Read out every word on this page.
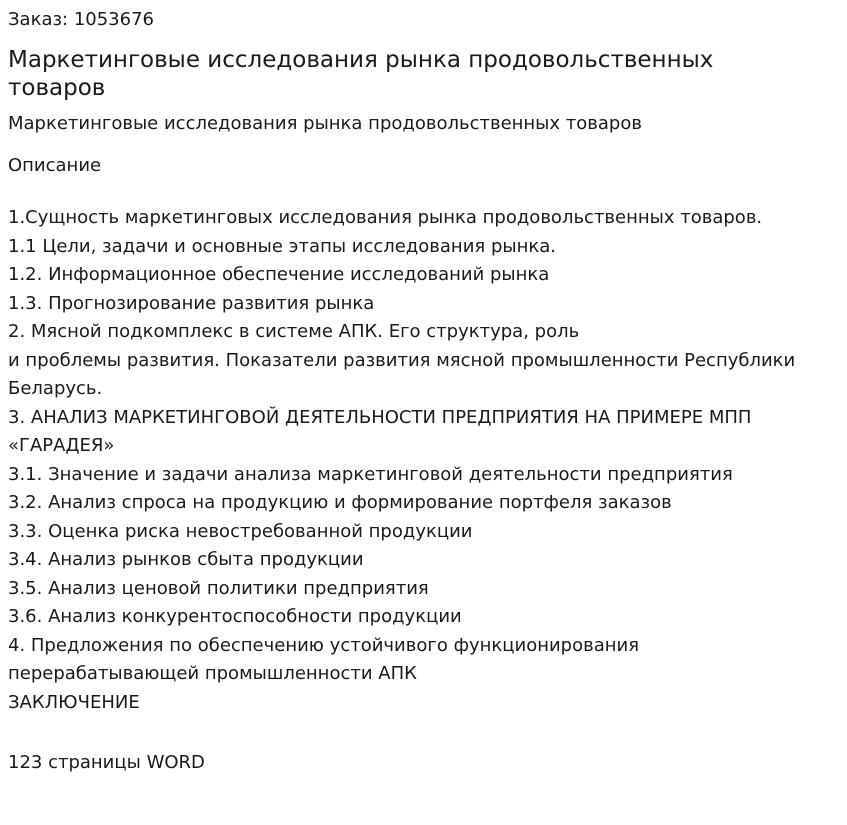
Заказ: 1053676
Маркетинговые исследования рынка продовольственных
товаров
Маркетинговые исследования рынка продовольственных товаров
Описание
1.Сущность маркетинговых исследования рынка продовольственных товаров.
1.1 Цели, задачи и основные этапы исследования рынка.
1.2. Информационное обеспечение исследований рынка
1.3. Прогнозирование развития рынка
2. Мясной подкомплекс в системе АПК. Его структура, роль
и проблемы развития. Показатели развития мясной промышленности Республики
Беларусь.
3. АНАЛИЗ МАРКЕТИНГОВОЙ ДЕЯТЕЛЬНОСТИ ПРЕДПРИЯТИЯ НА ПРИМЕРЕ МПП
«ГАРАДЕЯ»
3.1. Значение и задачи анализа маркетинговой деятельности предприятия
3.2. Анализ спроса на продукцию и формирование портфеля заказов
3.3. Оценка риска невостребованной продукции
3.4. Анализ рынков сбыта продукции
3.5. Анализ ценовой политики предприятия
3.6. Анализ конкурентоспособности продукции
4. Предложения по обеспечению устойчивого функционирования
перерабатывающей промышленности АПК
ЗАКЛЮЧЕНИЕ
123 страницы WORD
